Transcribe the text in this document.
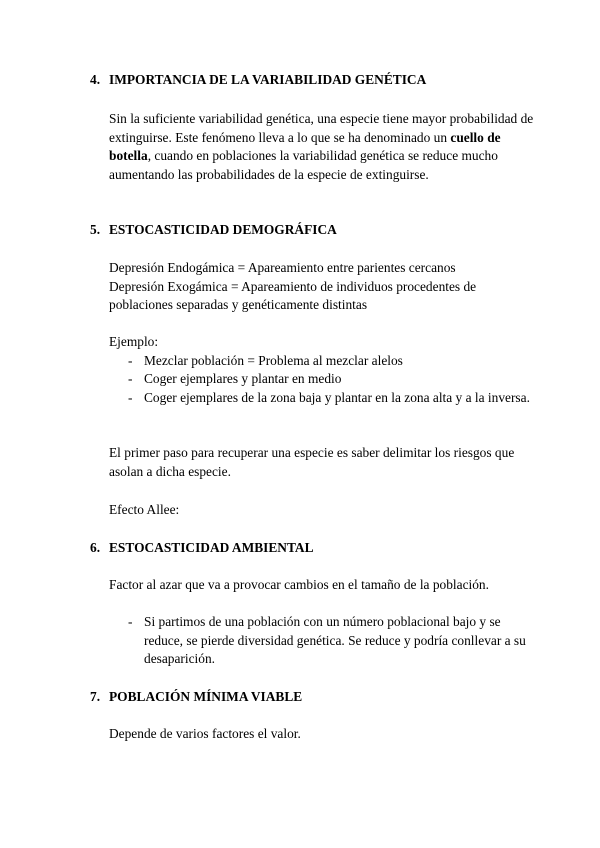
4. IMPORTANCIA DE LA VARIABILIDAD GENÉTICA

Sin la suficiente variabilidad genética, una especie tiene mayor probabilidad de extinguirse. Este fenómeno lleva a lo que se ha denominado un cuello de botella, cuando en poblaciones la variabilidad genética se reduce mucho aumentando las probabilidades de la especie de extinguirse.

5. ESTOCASTICIDAD DEMOGRÁFICA

Depresión Endogámica = Apareamiento entre parientes cercanos

Depresión Exogámica = Apareamiento de individuos procedentes de poblaciones separadas y genéticamente distintas

Ejemplo:

- Mezclar población = Problema al mezclar alelos
- Coger ejemplares y plantar en medio
- Coger ejemplares de la zona baja y plantar en la zona alta y a la inversa.

El primer paso para recuperar una especie es saber delimitar los riesgos que asolan a dicha especie.

Efecto Allee:

6. ESTOCASTICIDAD AMBIENTAL

Factor al azar que va a provocar cambios en el tamaño de la población.

- Si partimos de una población con un número poblacional bajo y se reduce, se pierde diversidad genética. Se reduce y podría conllevar a su desaparición.
7. POBLACIÓN MÍNIMA VIABLE

Depende de varios factores el valor.
